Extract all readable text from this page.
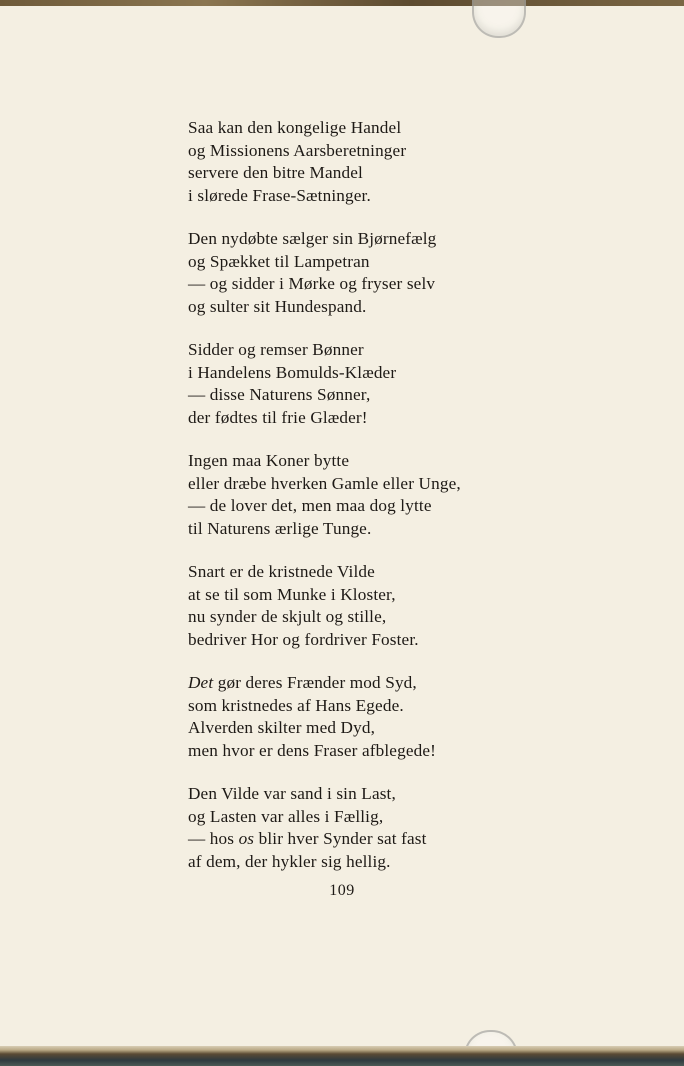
Saa kan den kongelige Handel
og Missionens Aarsberetninger
servere den bitre Mandel
i slørede Frase-Sætninger.
Den nydøbte sælger sin Bjørnefælg
og Spækket til Lampetran
— og sidder i Mørke og fryser selv
og sulter sit Hundespand.
Sidder og remser Bønner
i Handelens Bomulds-Klæder
— disse Naturens Sønner,
der fødtes til frie Glæder!
Ingen maa Koner bytte
eller dræbe hverken Gamle eller Unge,
— de lover det, men maa dog lytte
til Naturens ærlige Tunge.
Snart er de kristnede Vilde
at se til som Munke i Kloster,
nu synder de skjult og stille,
bedriver Hor og fordriver Foster.
Det gør deres Frænder mod Syd,
som kristnedes af Hans Egede.
Alverden skilter med Dyd,
men hvor er dens Fraser afblegede!
Den Vilde var sand i sin Last,
og Lasten var alles i Fællig,
— hos os blir hver Synder sat fast
af dem, der hykler sig hellig.
109
